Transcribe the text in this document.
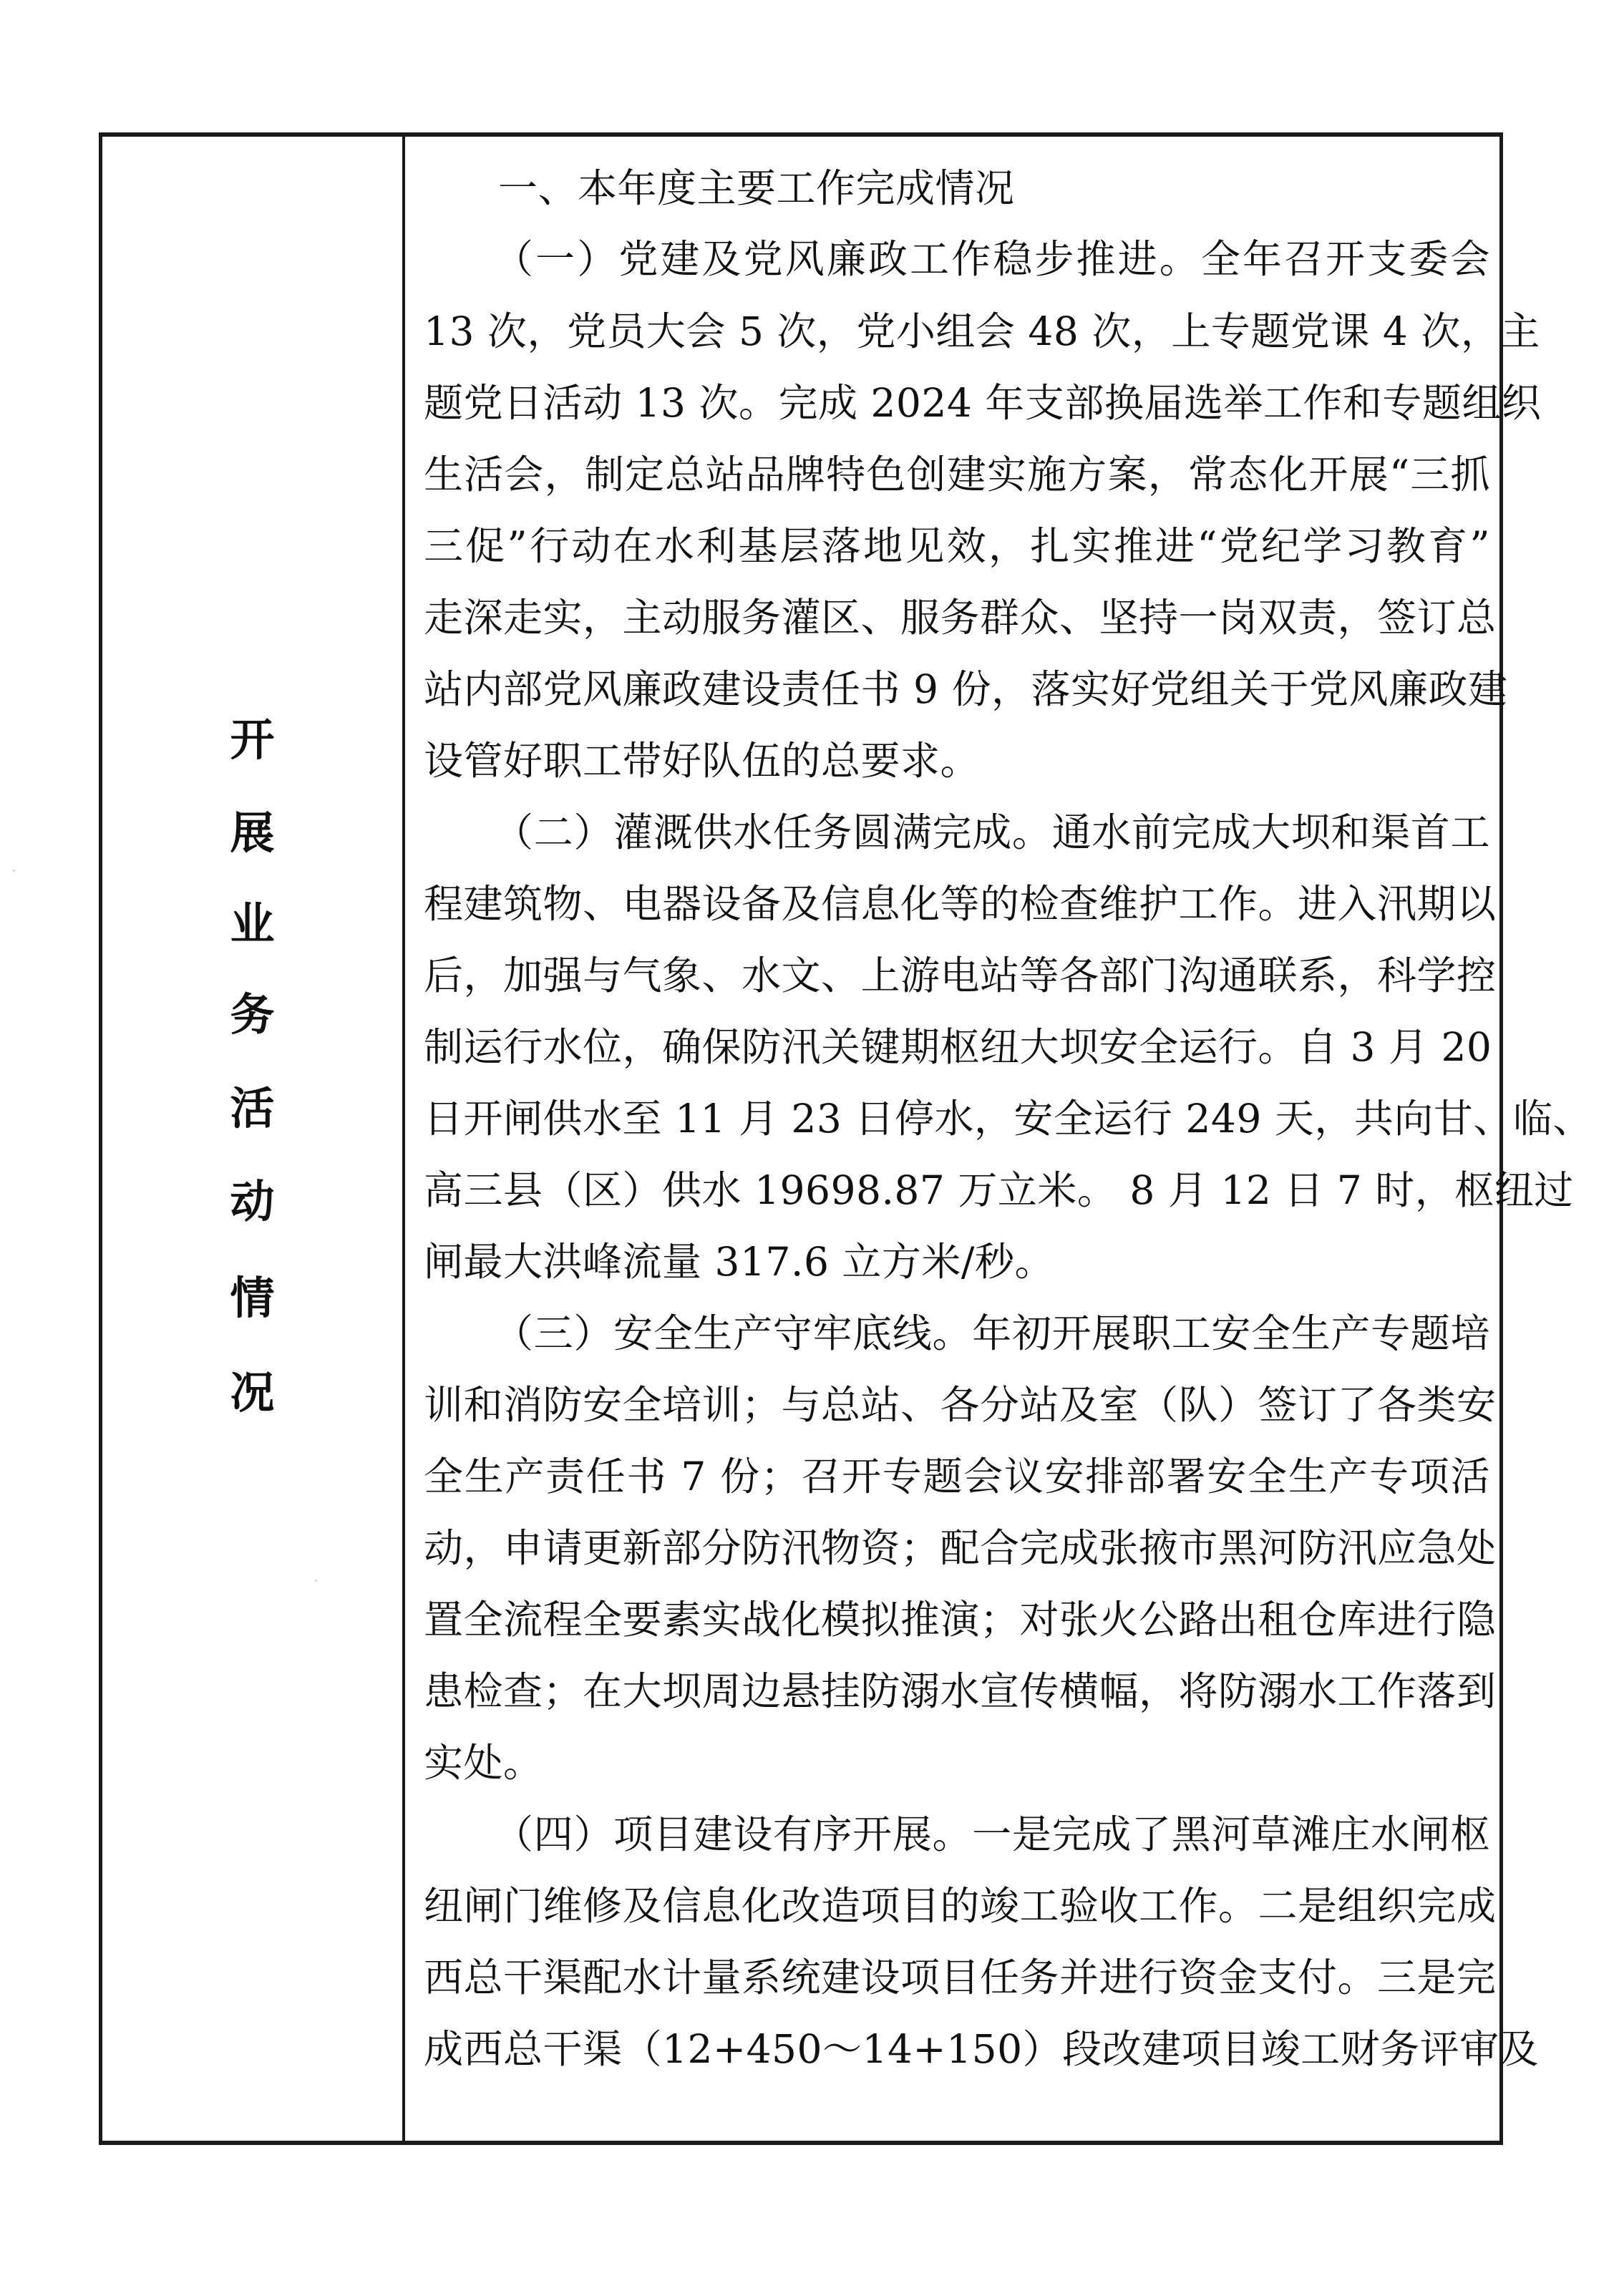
开
展
业
务
活
动
情
况
一、本年度主要工作完成情况
（一）党建及党风廉政工作稳步推进。全年召开支委会
13 次，党员大会 5 次，党小组会 48 次，上专题党课 4 次，主
题党日活动 13 次。完成 2024 年支部换届选举工作和专题组织
生活会，制定总站品牌特色创建实施方案，常态化开展“三抓
三促”行动在水利基层落地见效，扎实推进“党纪学习教育”
走深走实，主动服务灌区、服务群众、坚持一岗双责，签订总
站内部党风廉政建设责任书 9 份，落实好党组关于党风廉政建
设管好职工带好队伍的总要求。
（二）灌溉供水任务圆满完成。通水前完成大坝和渠首工
程建筑物、电器设备及信息化等的检查维护工作。进入汛期以
后，加强与气象、水文、上游电站等各部门沟通联系，科学控
制运行水位，确保防汛关键期枢纽大坝安全运行。自 3 月 20
日开闸供水至 11 月 23 日停水，安全运行 249 天，共向甘、临、
高三县（区）供水 19698.87 万立米。 8 月 12 日 7 时，枢纽过
闸最大洪峰流量 317.6 立方米/秒。
（三）安全生产守牢底线。年初开展职工安全生产专题培
训和消防安全培训；与总站、各分站及室（队）签订了各类安
全生产责任书 7 份；召开专题会议安排部署安全生产专项活
动，申请更新部分防汛物资；配合完成张掖市黑河防汛应急处
置全流程全要素实战化模拟推演；对张火公路出租仓库进行隐
患检查；在大坝周边悬挂防溺水宣传横幅，将防溺水工作落到
实处。
（四）项目建设有序开展。一是完成了黑河草滩庄水闸枢
纽闸门维修及信息化改造项目的竣工验收工作。二是组织完成
西总干渠配水计量系统建设项目任务并进行资金支付。三是完
成西总干渠（12+450～14+150）段改建项目竣工财务评审及
